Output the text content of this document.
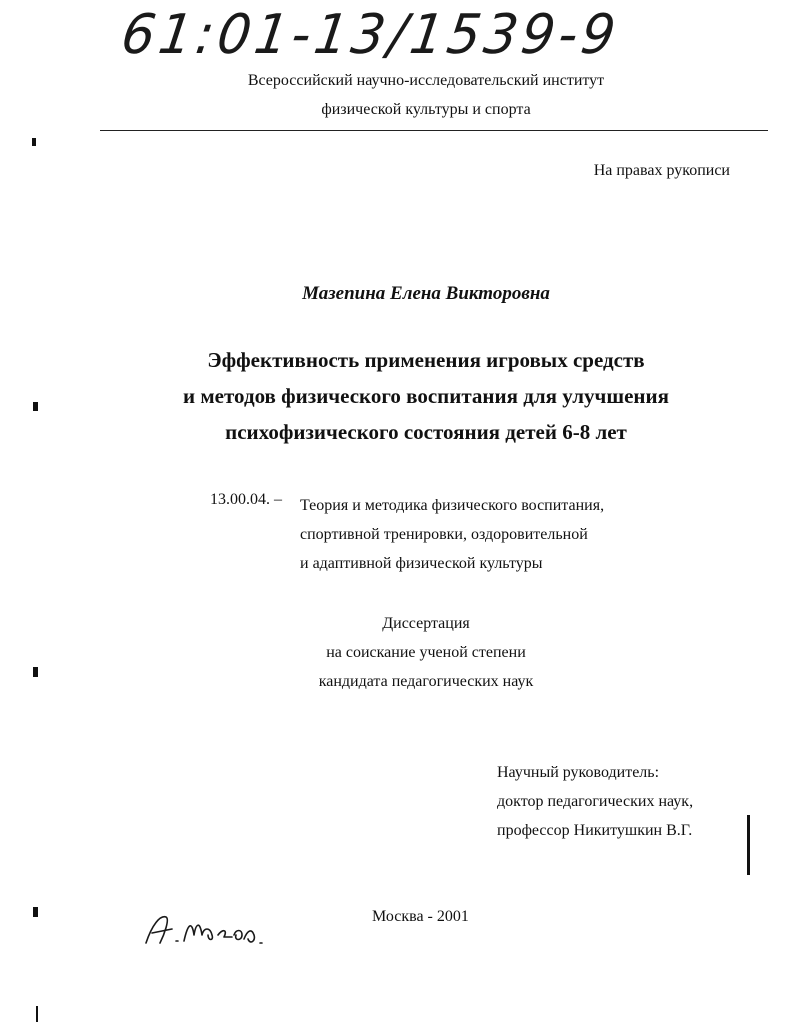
61:01-13/1539-9
Всероссийский научно-исследовательский институт
физической культуры и спорта
На правах рукописи
Мазепина Елена Викторовна
Эффективность применения игровых средств
и методов физического воспитания для улучшения
психофизического состояния детей 6-8 лет
13.00.04. – Теория и методика физического воспитания,
спортивной тренировки, оздоровительной
и адаптивной физической культуры
Диссертация
на соискание ученой степени
кандидата педагогических наук
Научный руководитель:
доктор педагогических наук,
профессор Никитушкин В.Г.
Москва - 2001
